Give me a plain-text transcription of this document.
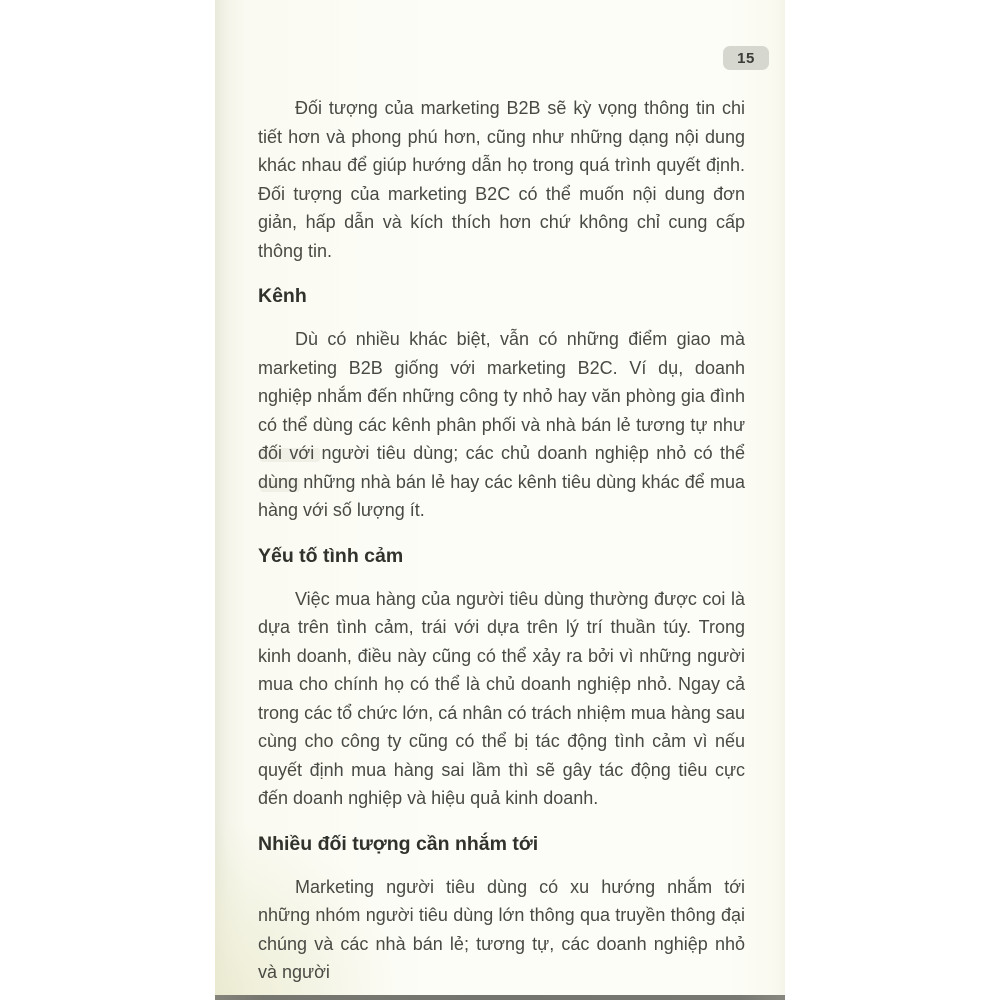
15

Đối tượng của marketing B2B sẽ kỳ vọng thông tin chi tiết hơn và phong phú hơn, cũng như những dạng nội dung khác nhau để giúp hướng dẫn họ trong quá trình quyết định. Đối tượng của marketing B2C có thể muốn nội dung đơn giản, hấp dẫn và kích thích hơn chứ không chỉ cung cấp thông tin.

Kênh

Dù có nhiều khác biệt, vẫn có những điểm giao mà marketing B2B giống với marketing B2C. Ví dụ, doanh nghiệp nhắm đến những công ty nhỏ hay văn phòng gia đình có thể dùng các kênh phân phối và nhà bán lẻ tương tự như đối với người tiêu dùng; các chủ doanh nghiệp nhỏ có thể dùng những nhà bán lẻ hay các kênh tiêu dùng khác để mua hàng với số lượng ít.

Yếu tố tình cảm

Việc mua hàng của người tiêu dùng thường được coi là dựa trên tình cảm, trái với dựa trên lý trí thuần túy. Trong kinh doanh, điều này cũng có thể xảy ra bởi vì những người mua cho chính họ có thể là chủ doanh nghiệp nhỏ. Ngay cả trong các tổ chức lớn, cá nhân có trách nhiệm mua hàng sau cùng cho công ty cũng có thể bị tác động tình cảm vì nếu quyết định mua hàng sai lầm thì sẽ gây tác động tiêu cực đến doanh nghiệp và hiệu quả kinh doanh.

Nhiều đối tượng cần nhắm tới

Marketing người tiêu dùng có xu hướng nhắm tới những nhóm người tiêu dùng lớn thông qua truyền thông đại chúng và các nhà bán lẻ; tương tự, các doanh nghiệp nhỏ và người
